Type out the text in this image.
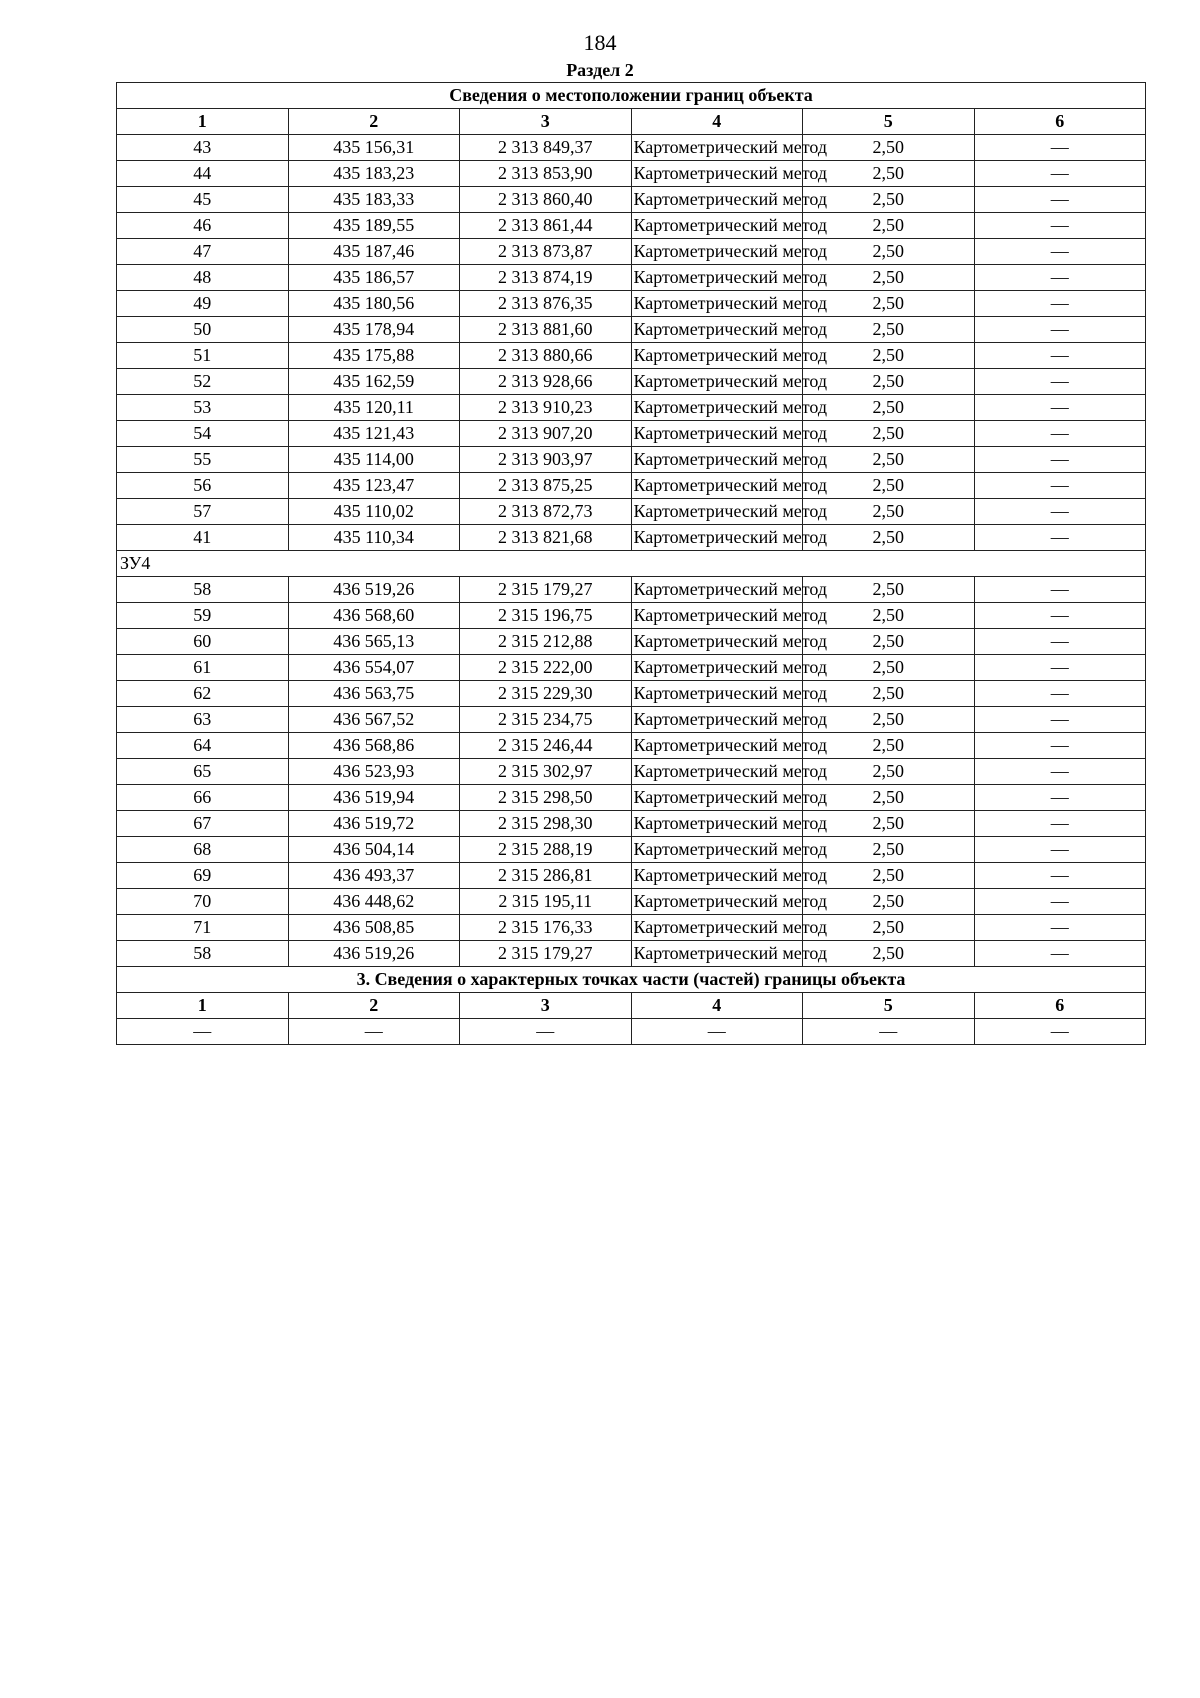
184
Раздел 2
Сведения о местоположении границ объекта					
1	2	3	4	5	6
43	435 156,31	2 313 849,37	Картометрический метод	2,50	—
44	435 183,23	2 313 853,90	Картометрический метод	2,50	—
45	435 183,33	2 313 860,40	Картометрический метод	2,50	—
46	435 189,55	2 313 861,44	Картометрический метод	2,50	—
47	435 187,46	2 313 873,87	Картометрический метод	2,50	—
48	435 186,57	2 313 874,19	Картометрический метод	2,50	—
49	435 180,56	2 313 876,35	Картометрический метод	2,50	—
50	435 178,94	2 313 881,60	Картометрический метод	2,50	—
51	435 175,88	2 313 880,66	Картометрический метод	2,50	—
52	435 162,59	2 313 928,66	Картометрический метод	2,50	—
53	435 120,11	2 313 910,23	Картометрический метод	2,50	—
54	435 121,43	2 313 907,20	Картометрический метод	2,50	—
55	435 114,00	2 313 903,97	Картометрический метод	2,50	—
56	435 123,47	2 313 875,25	Картометрический метод	2,50	—
57	435 110,02	2 313 872,73	Картометрический метод	2,50	—
41	435 110,34	2 313 821,68	Картометрический метод	2,50	—
ЗУ4					
58	436 519,26	2 315 179,27	Картометрический метод	2,50	—
59	436 568,60	2 315 196,75	Картометрический метод	2,50	—
60	436 565,13	2 315 212,88	Картометрический метод	2,50	—
61	436 554,07	2 315 222,00	Картометрический метод	2,50	—
62	436 563,75	2 315 229,30	Картометрический метод	2,50	—
63	436 567,52	2 315 234,75	Картометрический метод	2,50	—
64	436 568,86	2 315 246,44	Картометрический метод	2,50	—
65	436 523,93	2 315 302,97	Картометрический метод	2,50	—
66	436 519,94	2 315 298,50	Картометрический метод	2,50	—
67	436 519,72	2 315 298,30	Картометрический метод	2,50	—
68	436 504,14	2 315 288,19	Картометрический метод	2,50	—
69	436 493,37	2 315 286,81	Картометрический метод	2,50	—
70	436 448,62	2 315 195,11	Картометрический метод	2,50	—
71	436 508,85	2 315 176,33	Картометрический метод	2,50	—
58	436 519,26	2 315 179,27	Картометрический метод	2,50	—
3. Сведения о характерных точках части (частей) границы объекта					
1	2	3	4	5	6
—	—	—	—	—	—
